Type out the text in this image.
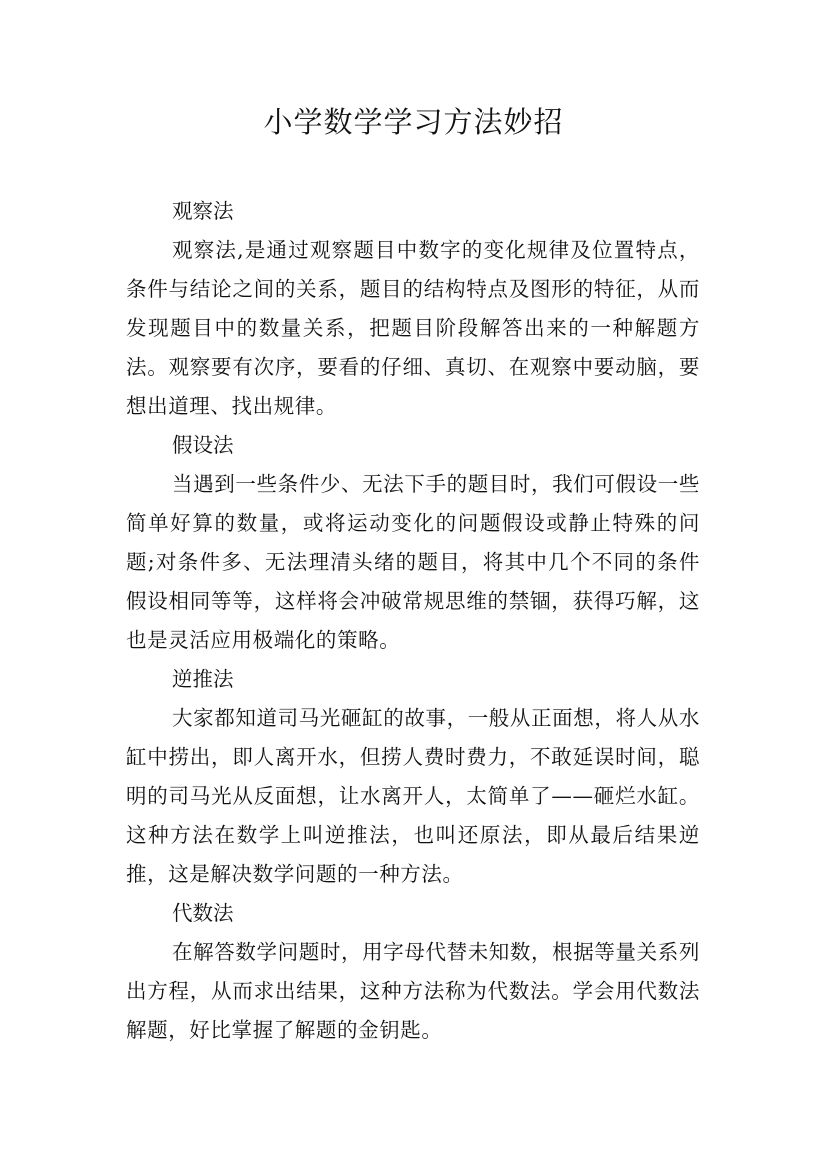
小学数学学习方法妙招
观察法

观察法,是通过观察题目中数字的变化规律及位置特点，条件与结论之间的关系，题目的结构特点及图形的特征，从而发现题目中的数量关系，把题目阶段解答出来的一种解题方法。观察要有次序，要看的仔细、真切、在观察中要动脑，要想出道理、找出规律。

假设法

当遇到一些条件少、无法下手的题目时，我们可假设一些简单好算的数量，或将运动变化的问题假设或静止特殊的问题;对条件多、无法理清头绪的题目，将其中几个不同的条件假设相同等等，这样将会冲破常规思维的禁锢，获得巧解，这也是灵活应用极端化的策略。

逆推法

大家都知道司马光砸缸的故事，一般从正面想，将人从水缸中捞出，即人离开水，但捞人费时费力，不敢延误时间，聪明的司马光从反面想，让水离开人，太简单了——砸烂水缸。这种方法在数学上叫逆推法，也叫还原法，即从最后结果逆推，这是解决数学问题的一种方法。

代数法

在解答数学问题时，用字母代替未知数，根据等量关系列出方程，从而求出结果，这种方法称为代数法。学会用代数法解题，好比掌握了解题的金钥匙。
